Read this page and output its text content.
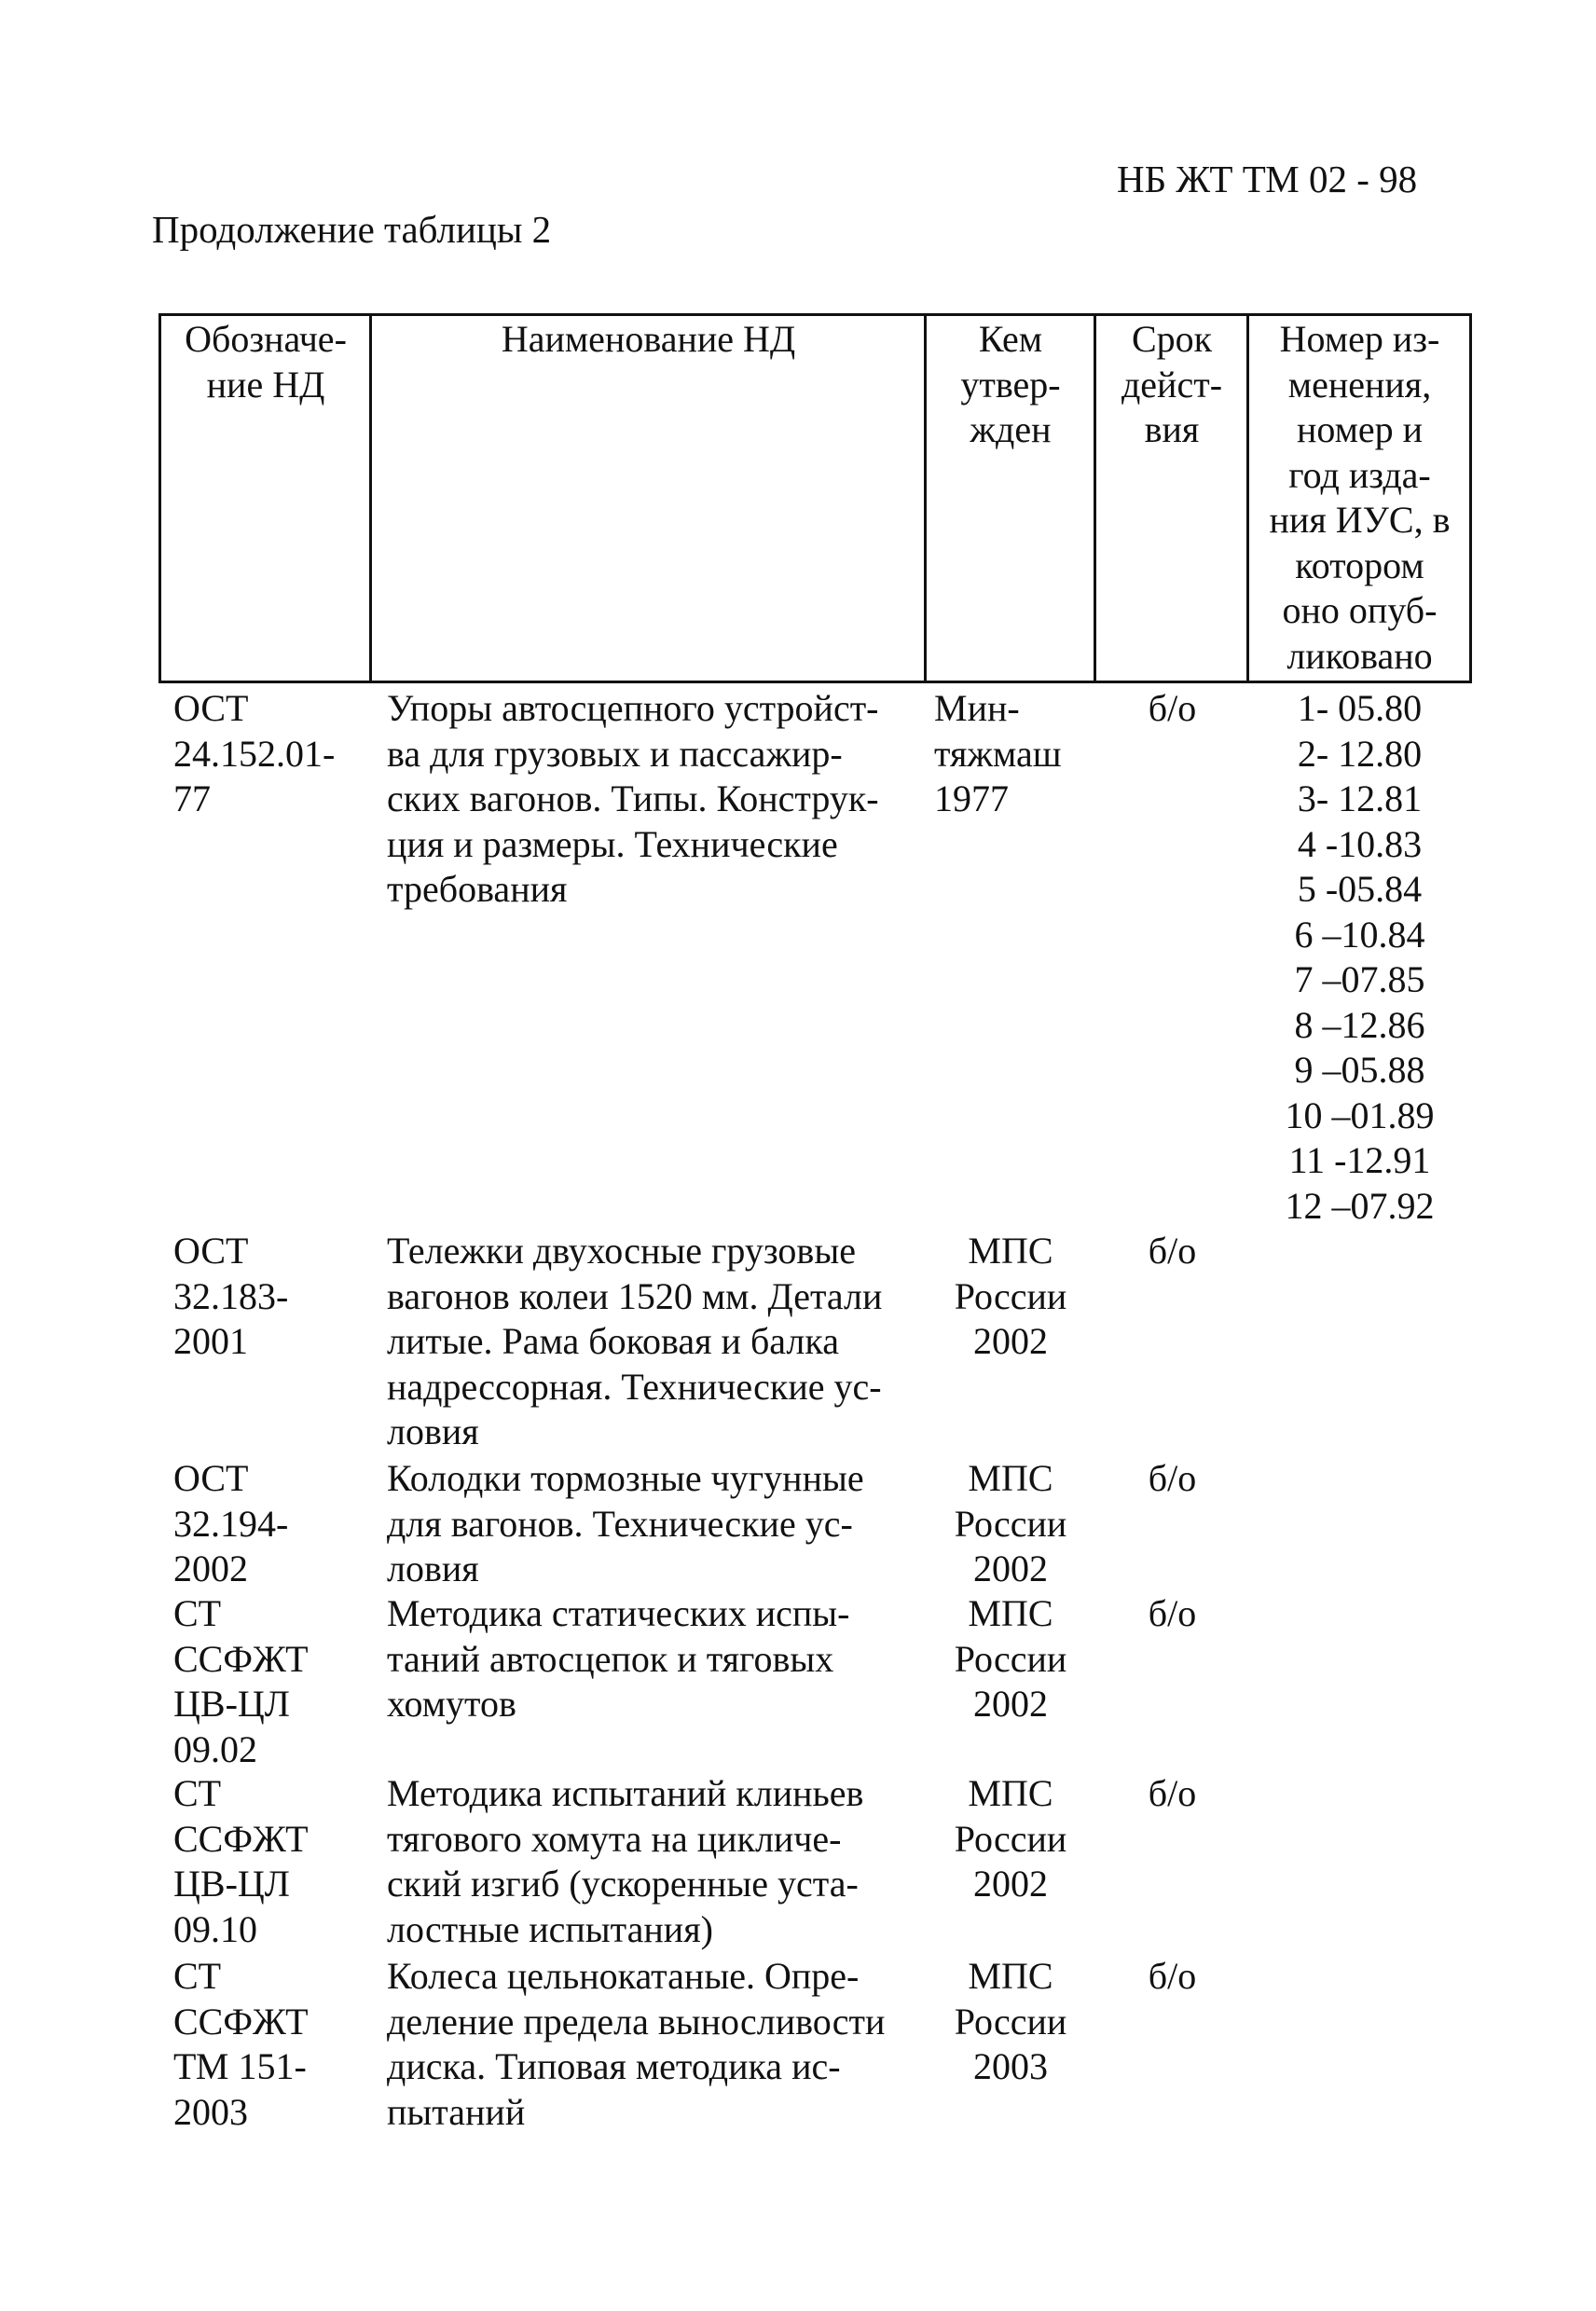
НБ ЖТ ТМ 02 - 98
Продолжение таблицы 2
Обозначе-
ние НД
Наименование НД	Кем
утвер-
жден
Срок
дейст-
вия
Номер из-
менения,
номер и
год изда-
ния ИУС, в
котором
оно опуб-
ликовано
ОСТ
24.152.01-
77
Упоры автосцепного устройст-
ва для грузовых и пассажир-
ских вагонов. Типы. Конструк-
ция и размеры. Технические
требования
Мин-
тяжмаш
1977
б/о	1- 05.80
2- 12.80
3- 12.81
4 -10.83
5 -05.84
6 –10.84
7 –07.85
8 –12.86
9 –05.88
10 –01.89
11 -12.91
12 –07.92
ОСТ
32.183-
2001
Тележки двухосные грузовые
вагонов колеи 1520 мм. Детали
литые. Рама боковая и балка
надрессорная. Технические ус-
ловия
МПС
России
2002
б/о
ОСТ
32.194-
2002
Колодки тормозные чугунные
для вагонов. Технические ус-
ловия
МПС
России
2002
б/о
СТ
ССФЖТ
ЦВ-ЦЛ
09.02
Методика статических испы-
таний автосцепок и тяговых
хомутов
МПС
России
2002
б/о
СТ
ССФЖТ
ЦВ-ЦЛ
09.10
Методика испытаний клиньев
тягового хомута на цикличе-
ский изгиб (ускоренные уста-
лостные испытания)
МПС
России
2002
б/о
СТ
ССФЖТ
ТМ 151-
2003
Колеса цельнокатаные. Опре-
деление предела выносливости
диска. Типовая методика ис-
пытаний
МПС
России
2003
б/о
